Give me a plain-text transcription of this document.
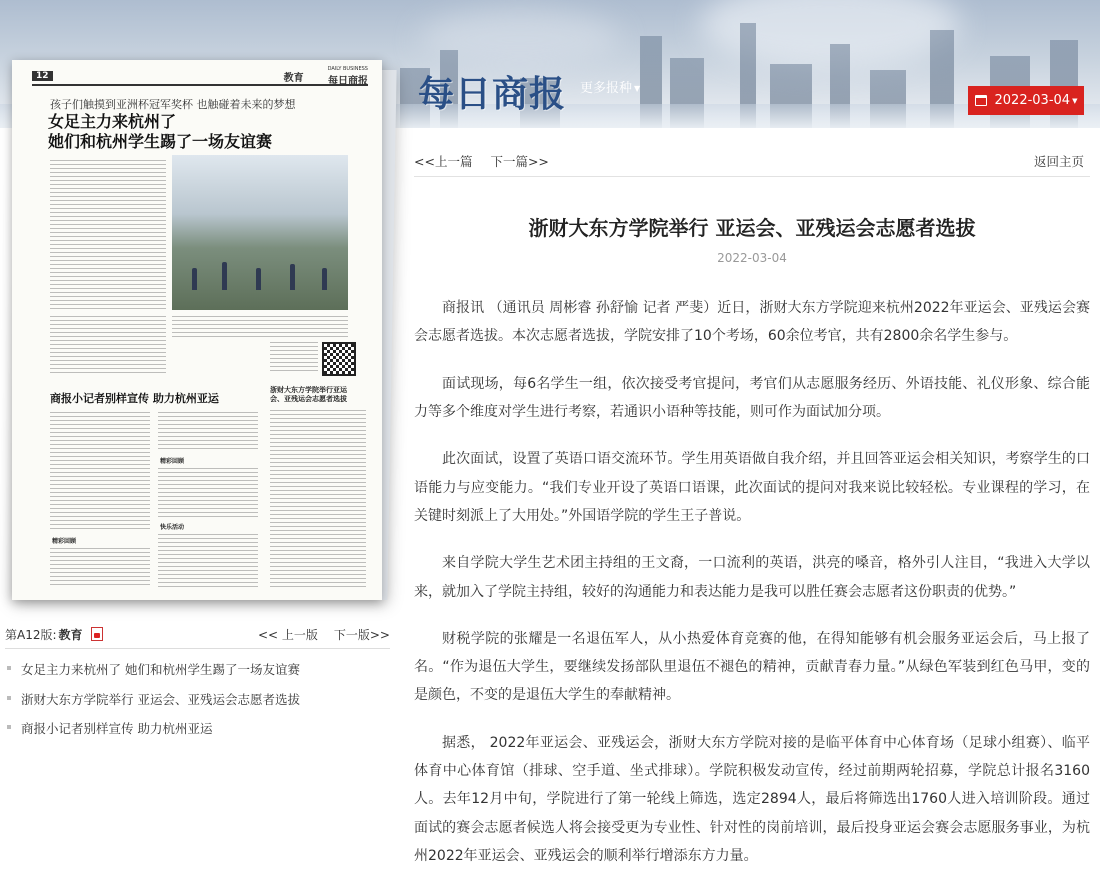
每日商报 更多报种 ▼
2022-03-04 ▼
12	教育
DAILY BUSINESS
每日商报
孩子们触摸到亚洲杯冠军奖杯 也触碰着未来的梦想
女足主力来杭州了
她们和杭州学生踢了一场友谊赛
商报小记者别样宣传 助力杭州亚运
浙财大东方学院举行亚运会、亚残运会志愿者选拔
精彩回顾
精彩回顾
快乐活动
第A12版: 教育	<< 上一版 下一版>>
女足主力来杭州了 她们和杭州学生踢了一场友谊赛
浙财大东方学院举行 亚运会、亚残运会志愿者选拔
商报小记者别样宣传 助力杭州亚运
<<上一篇 下一篇>>	返回主页
浙财大东方学院举行 亚运会、亚残运会志愿者选拔
2022-03-04

商报讯 （通讯员 周彬睿 孙舒愉 记者 严斐）近日，浙财大东方学院迎来杭州2022年亚运会、亚残运会赛会志愿者选拔。本次志愿者选拔，学院安排了10个考场，60余位考官，共有2800余名学生参与。

面试现场，每6名学生一组，依次接受考官提问，考官们从志愿服务经历、外语技能、礼仪形象、综合能力等多个维度对学生进行考察，若通识小语种等技能，则可作为面试加分项。

此次面试，设置了英语口语交流环节。学生用英语做自我介绍，并且回答亚运会相关知识，考察学生的口语能力与应变能力。“我们专业开设了英语口语课，此次面试的提问对我来说比较轻松。专业课程的学习，在关键时刻派上了大用处。”外国语学院的学生王子普说。

来自学院大学生艺术团主持组的王文裔，一口流利的英语，洪亮的嗓音，格外引人注目，“我进入大学以来，就加入了学院主持组，较好的沟通能力和表达能力是我可以胜任赛会志愿者这份职责的优势。”

财税学院的张耀是一名退伍军人，从小热爱体育竞赛的他，在得知能够有机会服务亚运会后，马上报了名。“作为退伍大学生，要继续发扬部队里退伍不褪色的精神，贡献青春力量。”从绿色军装到红色马甲，变的是颜色，不变的是退伍大学生的奉献精神。

据悉， 2022年亚运会、亚残运会，浙财大东方学院对接的是临平体育中心体育场（足球小组赛）、临平体育中心体育馆（排球、空手道、坐式排球）。学院积极发动宣传，经过前期两轮招募，学院总计报名3160人。去年12月中旬，学院进行了第一轮线上筛选，选定2894人，最后将筛选出1760人进入培训阶段。通过面试的赛会志愿者候选人将会接受更为专业性、针对性的岗前培训，最后投身亚运会赛会志愿服务事业，为杭州2022年亚运会、亚残运会的顺利举行增添东方力量。
